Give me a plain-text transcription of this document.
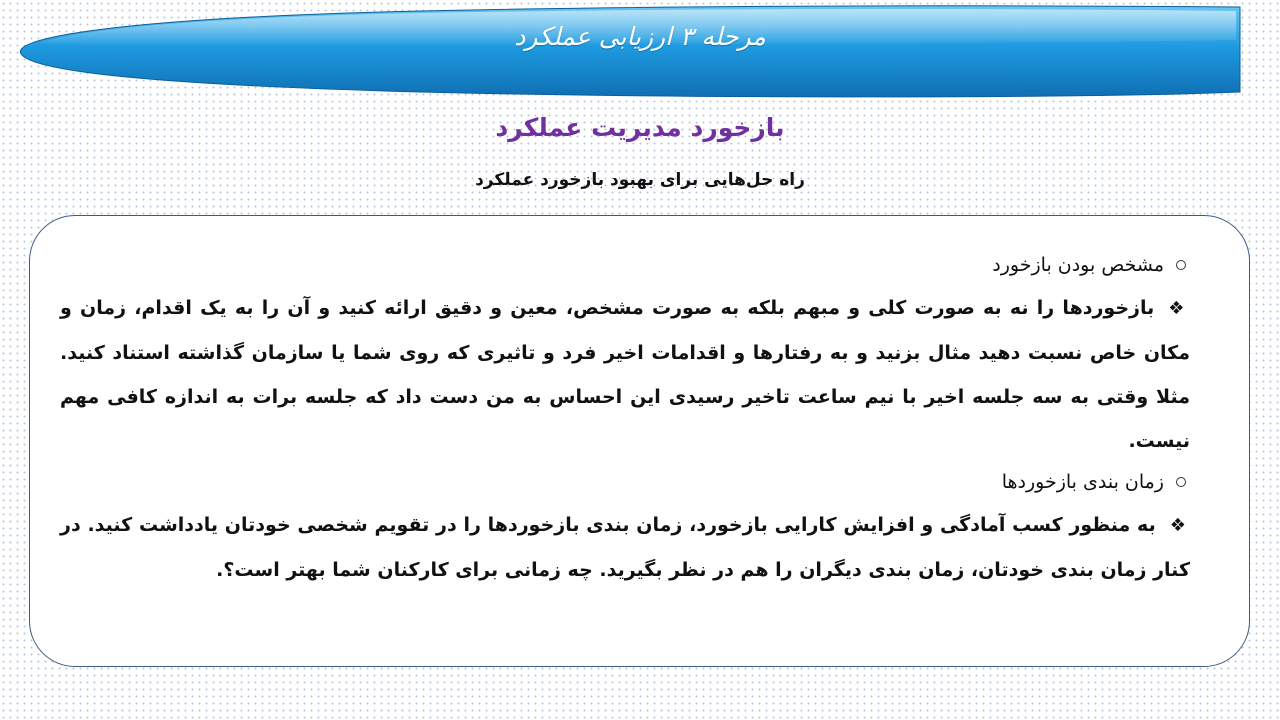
مرحله ۳ ارزیابی عملکرد
بازخورد مدیریت عملکرد
راه حل‌هایی برای بهبود بازخورد عملکرد
مشخص بودن بازخورد

❖بازخوردها را نه به صورت کلی و مبهم بلکه به صورت مشخص، معین و دقیق ارائه کنید و آن را به یک اقدام، زمان و مکان خاص نسبت دهید مثال بزنید و به رفتارها و اقدامات اخیر فرد و تاثیری که روی شما یا سازمان گذاشته استناد کنید. مثلا وقتی به سه جلسه اخیر با نیم ساعت تاخیر رسیدی این احساس به من دست داد که جلسه برات به اندازه کافی مهم نیست.

زمان بندی بازخوردها

❖به منظور کسب آمادگی و افزایش کارایی بازخورد، زمان بندی بازخوردها را در تقویم شخصی خودتان یادداشت کنید. در کنار زمان بندی خودتان، زمان بندی دیگران را هم در نظر بگیرید. چه زمانی برای کارکنان شما بهتر است؟.
